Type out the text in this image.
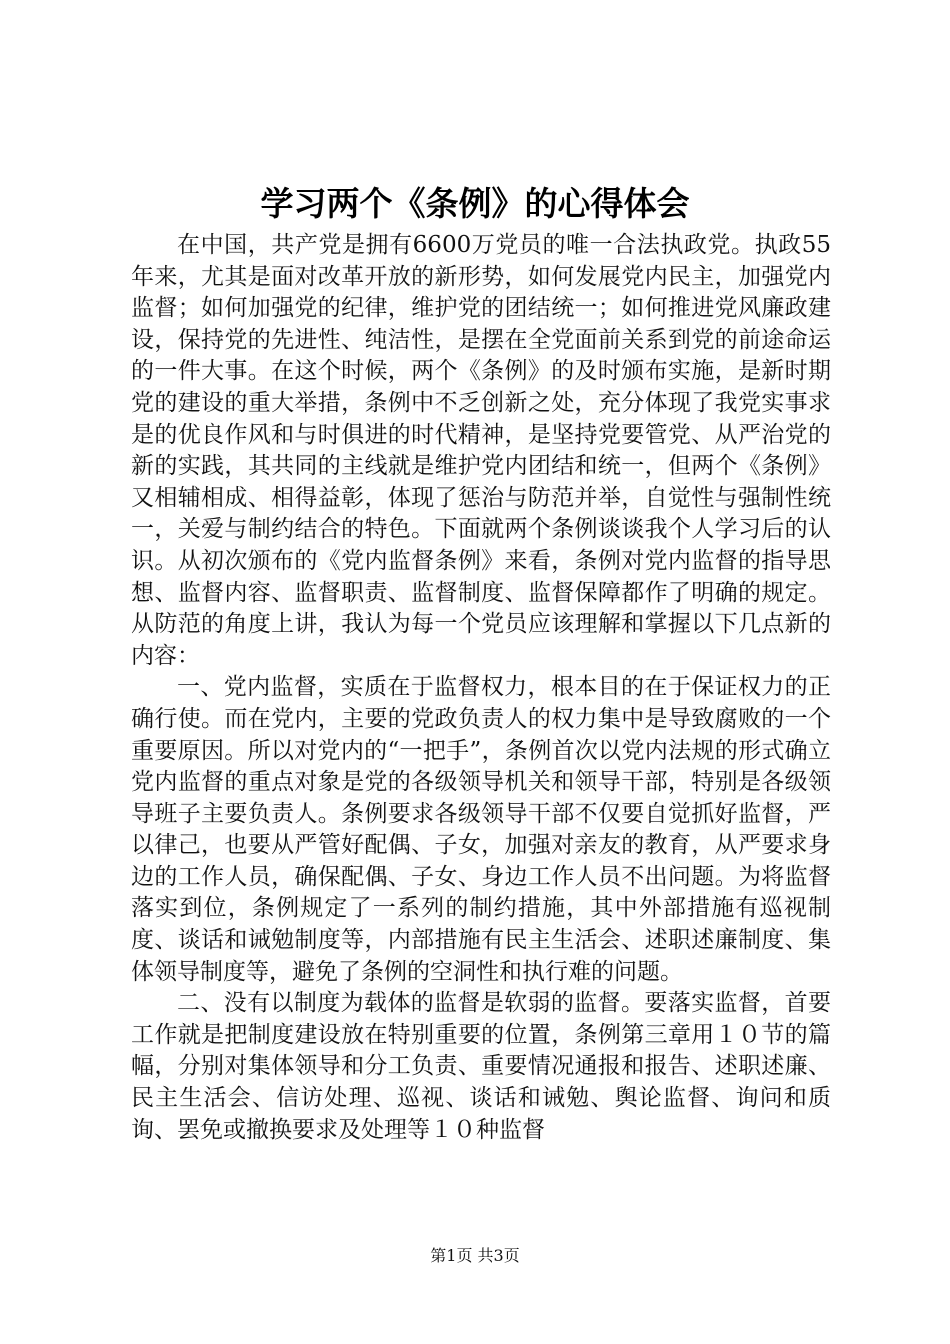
学习两个《条例》的心得体会

在中国，共产党是拥有6600万党员的唯一合法执政党。执政55年来，尤其是面对改革开放的新形势，如何发展党内民主，加强党内监督；如何加强党的纪律，维护党的团结统一；如何推进党风廉政建设，保持党的先进性、纯洁性，是摆在全党面前关系到党的前途命运的一件大事。在这个时候，两个《条例》的及时颁布实施，是新时期党的建设的重大举措，条例中不乏创新之处，充分体现了我党实事求是的优良作风和与时俱进的时代精神，是坚持党要管党、从严治党的新的实践，其共同的主线就是维护党内团结和统一，但两个《条例》又相辅相成、相得益彰，体现了惩治与防范并举，自觉性与强制性统一，关爱与制约结合的特色。下面就两个条例谈谈我个人学习后的认识。从初次颁布的《党内监督条例》来看，条例对党内监督的指导思想、监督内容、监督职责、监督制度、监督保障都作了明确的规定。从防范的角度上讲，我认为每一个党员应该理解和掌握以下几点新的内容：

一、党内监督，实质在于监督权力，根本目的在于保证权力的正确行使。而在党内，主要的党政负责人的权力集中是导致腐败的一个重要原因。所以对党内的“一把手”，条例首次以党内法规的形式确立党内监督的重点对象是党的各级领导机关和领导干部，特别是各级领导班子主要负责人。条例要求各级领导干部不仅要自觉抓好监督，严以律己，也要从严管好配偶、子女，加强对亲友的教育，从严要求身边的工作人员，确保配偶、子女、身边工作人员不出问题。为将监督落实到位，条例规定了一系列的制约措施，其中外部措施有巡视制度、谈话和诫勉制度等，内部措施有民主生活会、述职述廉制度、集体领导制度等，避免了条例的空洞性和执行难的问题。

二、没有以制度为载体的监督是软弱的监督。要落实监督，首要工作就是把制度建设放在特别重要的位置，条例第三章用１０节的篇幅，分别对集体领导和分工负责、重要情况通报和报告、述职述廉、民主生活会、信访处理、巡视、谈话和诫勉、舆论监督、询问和质询、罢免或撤换要求及处理等１０种监督

第1页 共3页
